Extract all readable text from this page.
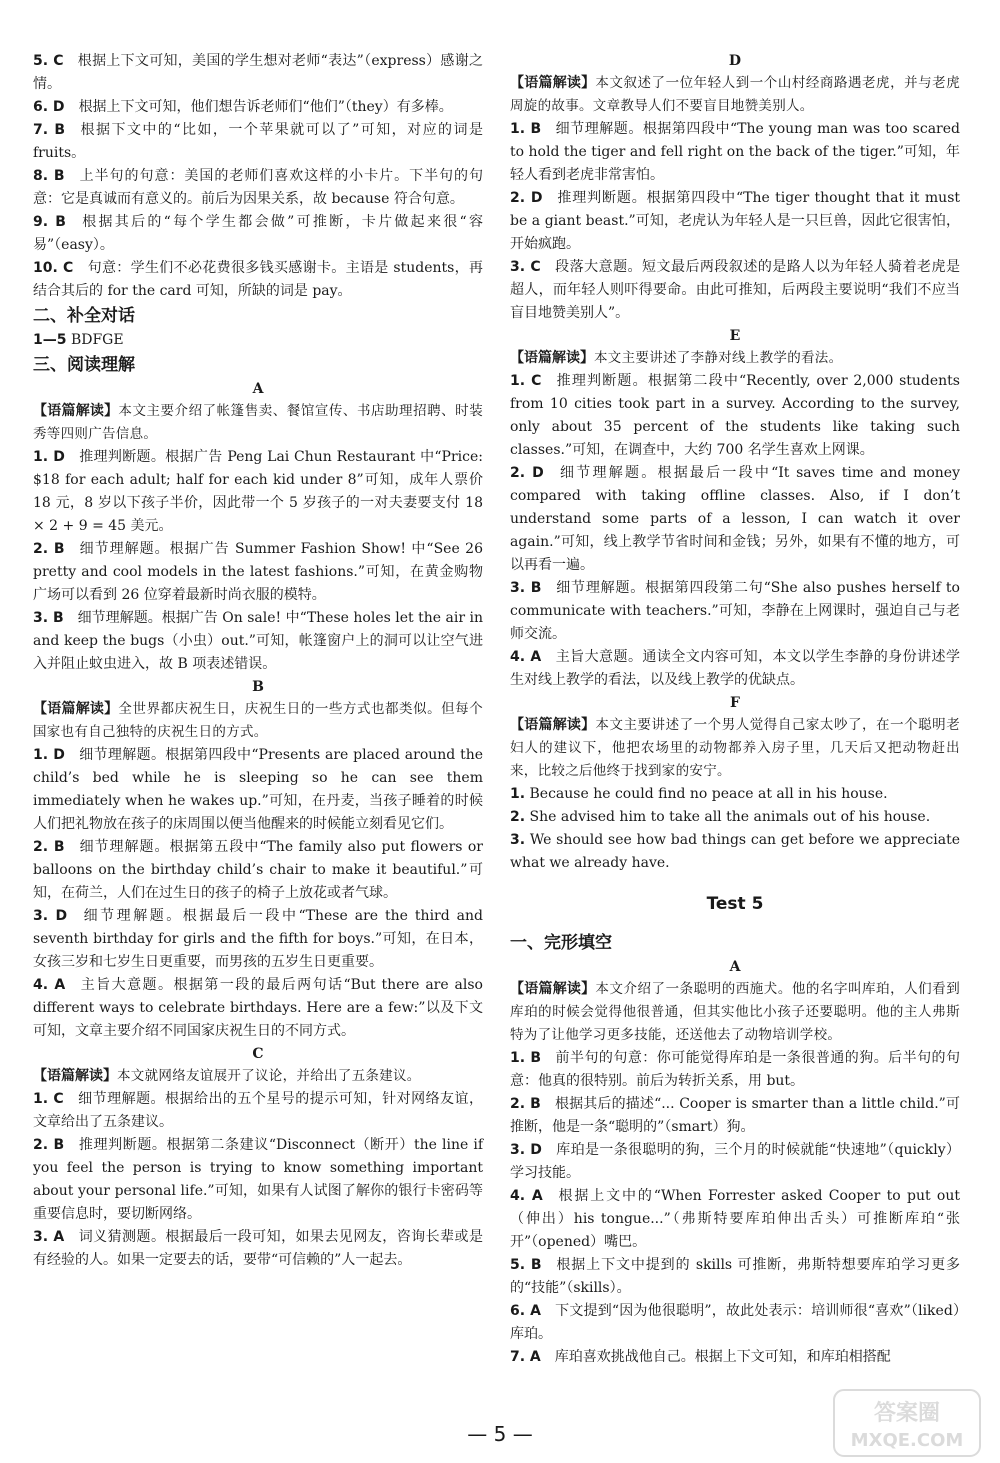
5. C 根据上下文可知，美国的学生想对老师“表达”（express）感谢之情。

6. D 根据上下文可知，他们想告诉老师们“他们”（they）有多棒。

7. B 根据下文中的“比如，一个苹果就可以了”可知，对应的词是 fruits。

8. B 上半句的句意：美国的老师们喜欢这样的小卡片。下半句的句意：它是真诚而有意义的。前后为因果关系，故 because 符合句意。

9. B 根据其后的“每个学生都会做”可推断，卡片做起来很“容易”（easy）。

10. C 句意：学生们不必花费很多钱买感谢卡。主语是 students，再结合其后的 for the card 可知，所缺的词是 pay。

二、补全对话

1—5 BDFGE

三、阅读理解

A

【语篇解读】本文主要介绍了帐篷售卖、餐馆宣传、书店助理招聘、时装秀等四则广告信息。

1. D 推理判断题。根据广告 Peng Lai Chun Restaurant 中“Price: $18 for each adult; half for each kid under 8”可知，成年人票价 18 元，8 岁以下孩子半价，因此带一个 5 岁孩子的一对夫妻要支付 18 × 2 + 9 = 45 美元。

2. B 细节理解题。根据广告 Summer Fashion Show! 中“See 26 pretty and cool models in the latest fashions.”可知，在黄金购物广场可以看到 26 位穿着最新时尚衣服的模特。

3. B 细节理解题。根据广告 On sale! 中“These holes let the air in and keep the bugs（小虫）out.”可知，帐篷窗户上的洞可以让空气进入并阻止蚊虫进入，故 B 项表述错误。

B

【语篇解读】全世界都庆祝生日，庆祝生日的一些方式也都类似。但每个国家也有自己独特的庆祝生日的方式。

1. D 细节理解题。根据第四段中“Presents are placed around the child’s bed while he is sleeping so he can see them immediately when he wakes up.”可知，在丹麦，当孩子睡着的时候人们把礼物放在孩子的床周围以便当他醒来的时候能立刻看见它们。

2. B 细节理解题。根据第五段中“The family also put flowers or balloons on the birthday child’s chair to make it beautiful.”可知，在荷兰，人们在过生日的孩子的椅子上放花或者气球。

3. D 细节理解题。根据最后一段中“These are the third and seventh birthday for girls and the fifth for boys.”可知，在日本，女孩三岁和七岁生日更重要，而男孩的五岁生日更重要。

4. A 主旨大意题。根据第一段的最后两句话“But there are also different ways to celebrate birthdays. Here are a few:”以及下文可知，文章主要介绍不同国家庆祝生日的不同方式。

C

【语篇解读】本文就网络友谊展开了议论，并给出了五条建议。

1. C 细节理解题。根据给出的五个星号的提示可知，针对网络友谊，文章给出了五条建议。

2. B 推理判断题。根据第二条建议“Disconnect（断开）the line if you feel the person is trying to know something important about your personal life.”可知，如果有人试图了解你的银行卡密码等重要信息时，要切断网络。

3. A 词义猜测题。根据最后一段可知，如果去见网友，咨询长辈或是有经验的人。如果一定要去的话，要带“可信赖的”人一起去。

D

【语篇解读】本文叙述了一位年轻人到一个山村经商路遇老虎，并与老虎周旋的故事。文章教导人们不要盲目地赞美别人。

1. B 细节理解题。根据第四段中“The young man was too scared to hold the tiger and fell right on the back of the tiger.”可知，年轻人看到老虎非常害怕。

2. D 推理判断题。根据第四段中“The tiger thought that it must be a giant beast.”可知，老虎认为年轻人是一只巨兽，因此它很害怕，开始疯跑。

3. C 段落大意题。短文最后两段叙述的是路人以为年轻人骑着老虎是超人，而年轻人则吓得要命。由此可推知，后两段主要说明“我们不应当盲目地赞美别人”。

E

【语篇解读】本文主要讲述了李静对线上教学的看法。

1. C 推理判断题。根据第二段中“Recently, over 2,000 students from 10 cities took part in a survey. According to the survey, only about 35 percent of the students like taking such classes.”可知，在调查中，大约 700 名学生喜欢上网课。

2. D 细节理解题。根据最后一段中“It saves time and money compared with taking offline classes. Also, if I don’t understand some parts of a lesson, I can watch it over again.”可知，线上教学节省时间和金钱；另外，如果有不懂的地方，可以再看一遍。

3. B 细节理解题。根据第四段第二句“She also pushes herself to communicate with teachers.”可知，李静在上网课时，强迫自己与老师交流。

4. A 主旨大意题。通读全文内容可知，本文以学生李静的身份讲述学生对线上教学的看法，以及线上教学的优缺点。

F

【语篇解读】本文主要讲述了一个男人觉得自己家太吵了，在一个聪明老妇人的建议下，他把农场里的动物都养入房子里，几天后又把动物赶出来，比较之后他终于找到家的安宁。

1. Because he could find no peace at all in his house.

2. She advised him to take all the animals out of his house.

3. We should see how bad things can get before we appreciate what we already have.

Test 5

一、完形填空

A

【语篇解读】本文介绍了一条聪明的西施犬。他的名字叫库珀，人们看到库珀的时候会觉得他很普通，但其实他比小孩子还要聪明。他的主人弗斯特为了让他学习更多技能，还送他去了动物培训学校。

1. B 前半句的句意：你可能觉得库珀是一条很普通的狗。后半句的句意：他真的很特别。前后为转折关系，用 but。

2. B 根据其后的描述“... Cooper is smarter than a little child.”可推断，他是一条“聪明的”（smart）狗。

3. D 库珀是一条很聪明的狗，三个月的时候就能“快速地”（quickly）学习技能。

4. A 根据上文中的“When Forrester asked Cooper to put out（伸出）his tongue...”（弗斯特要库珀伸出舌头）可推断库珀“张开”（opened）嘴巴。

5. B 根据上下文中提到的 skills 可推断，弗斯特想要库珀学习更多的“技能”（skills）。

6. A 下文提到“因为他很聪明”，故此处表示：培训师很“喜欢”（liked）库珀。

7. A 库珀喜欢挑战他自己。根据上下文可知，和库珀相搭配

— 5 —
答案圈
MXQE.COM
